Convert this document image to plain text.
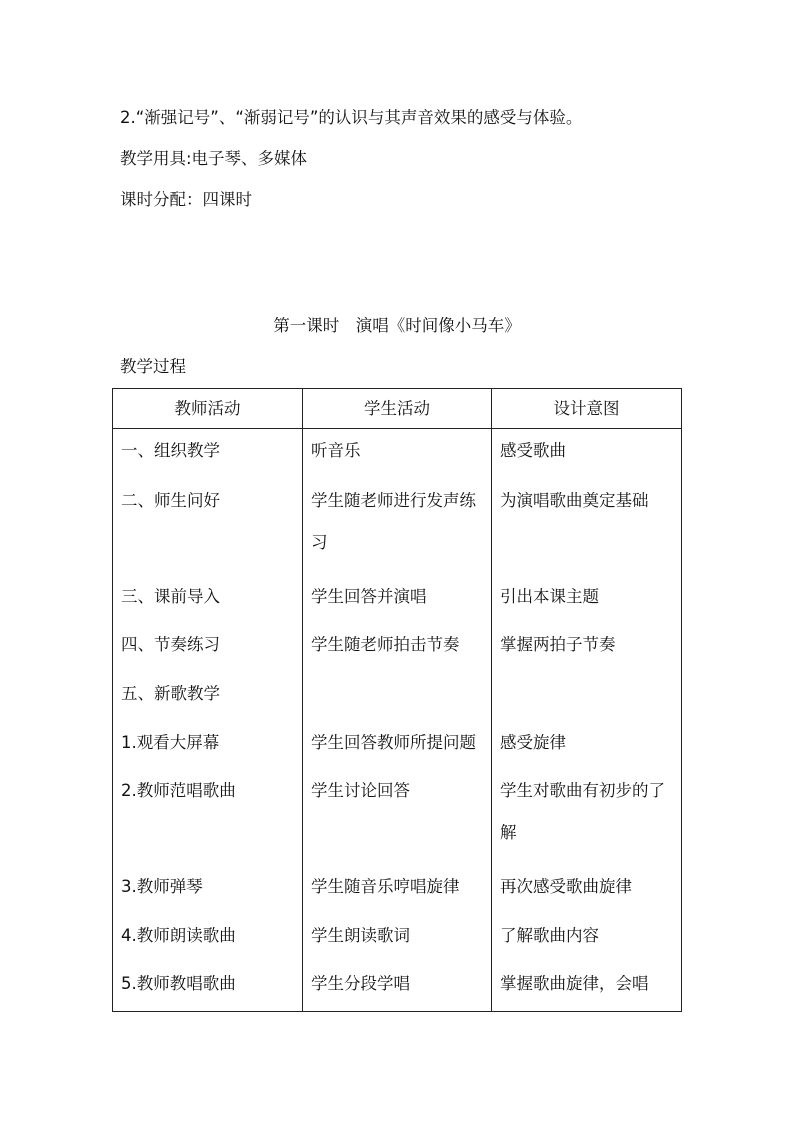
2.“渐强记号”、“渐弱记号”的认识与其声音效果的感受与体验。
教学用具:电子琴、多媒体
课时分配：四课时
第一课时　演唱《时间像小马车》
教学过程
教师活动	学生活动	设计意图

一、组织教学	听音乐	感受歌曲

二、师生问好	学生随老师进行发声练习	为演唱歌曲奠定基础

三、课前导入	学生回答并演唱	引出本课主题

四、节奏练习	学生随老师拍击节奏	掌握两拍子节奏

五、新歌教学		

1.观看大屏幕	学生回答教师所提问题	感受旋律

2.教师范唱歌曲	学生讨论回答	学生对歌曲有初步的了解

3.教师弹琴	学生随音乐哼唱旋律	再次感受歌曲旋律

4.教师朗读歌曲	学生朗读歌词	了解歌曲内容

5.教师教唱歌曲	学生分段学唱	掌握歌曲旋律，会唱
